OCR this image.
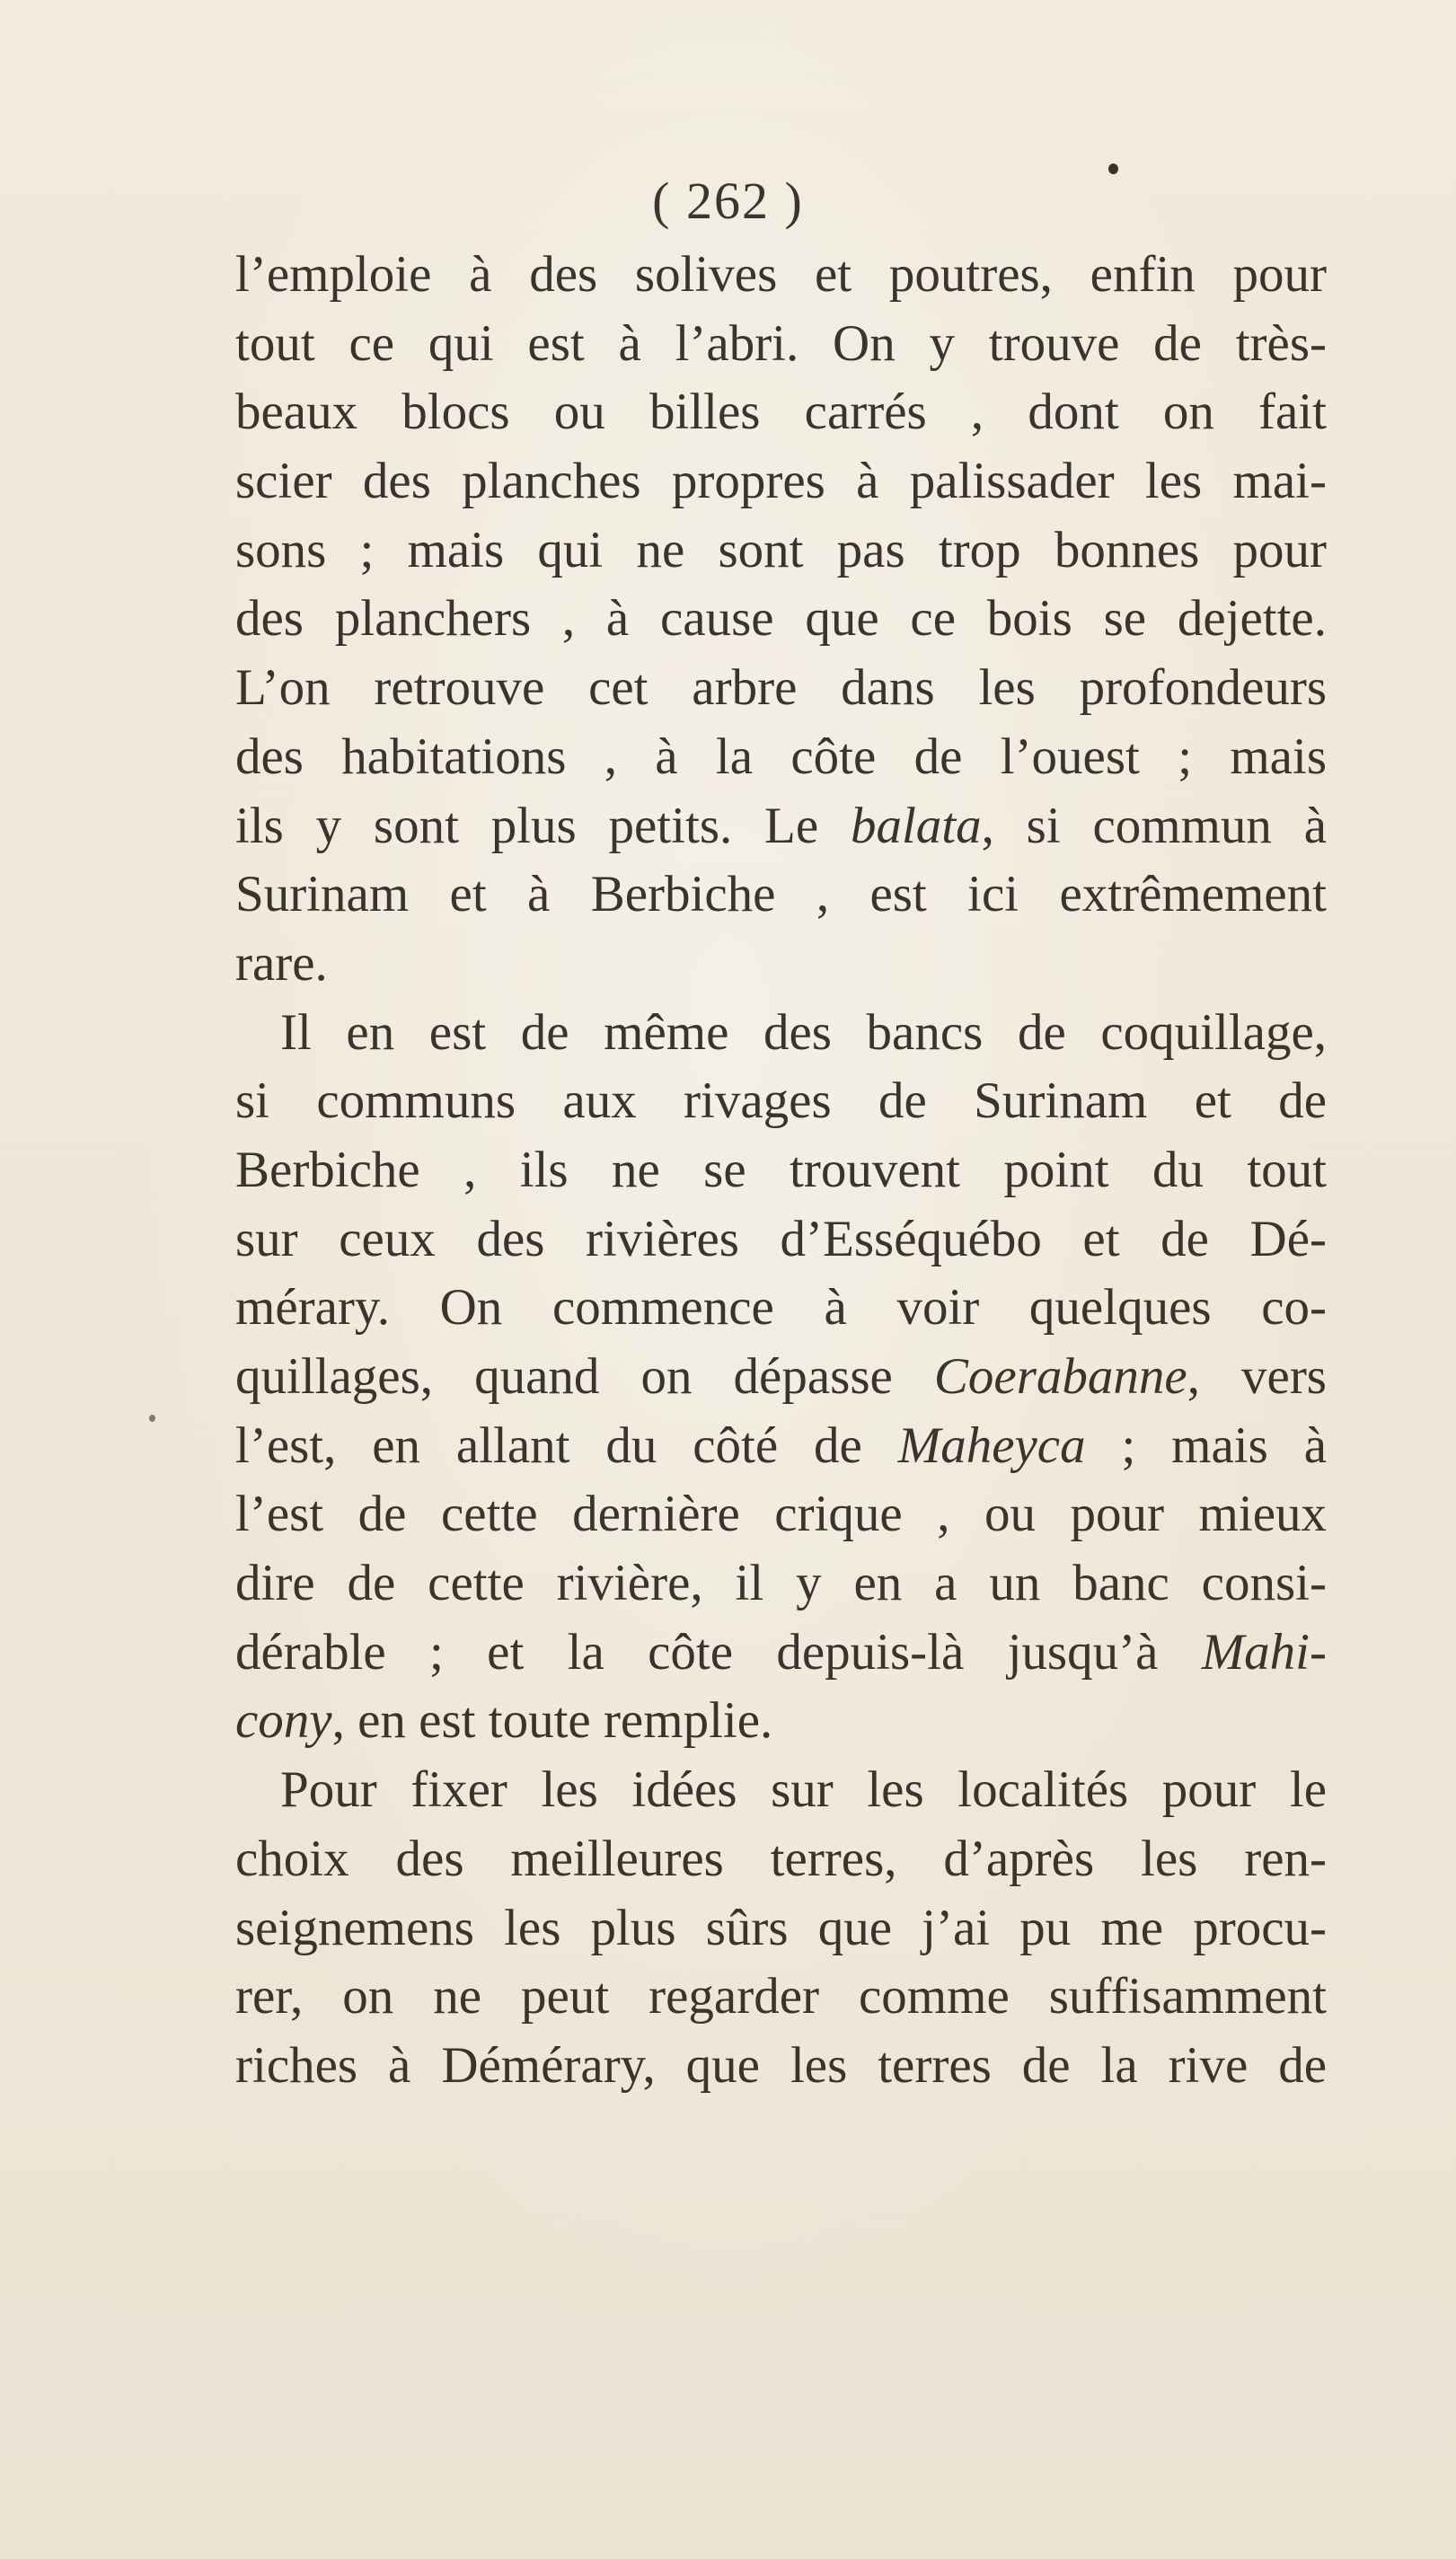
( 262 )
l’emploie à des solives et poutres, enfin pour
tout ce qui est à l’abri. On y trouve de très-
beaux blocs ou billes carrés , dont on fait
scier des planches propres à palissader les mai-
sons ; mais qui ne sont pas trop bonnes pour
des planchers , à cause que ce bois se dejette.
L’on retrouve cet arbre dans les profondeurs
des habitations , à la côte de l’ouest ; mais
ils y sont plus petits. Le balata, si commun à
Surinam et à Berbiche , est ici extrêmement
rare.
Il en est de même des bancs de coquillage,
si communs aux rivages de Surinam et de
Berbiche , ils ne se trouvent point du tout
sur ceux des rivières d’Esséquébo et de Dé-
mérary. On commence à voir quelques co-
quillages, quand on dépasse Coerabanne, vers
l’est, en allant du côté de Maheyca ; mais à
l’est de cette dernière crique , ou pour mieux
dire de cette rivière, il y en a un banc consi-
dérable ; et la côte depuis-là jusqu’à Mahi-
cony, en est toute remplie.
Pour fixer les idées sur les localités pour le
choix des meilleures terres, d’après les ren-
seignemens les plus sûrs que j’ai pu me procu-
rer, on ne peut regarder comme suffisamment
riches à Démérary, que les terres de la rive de
